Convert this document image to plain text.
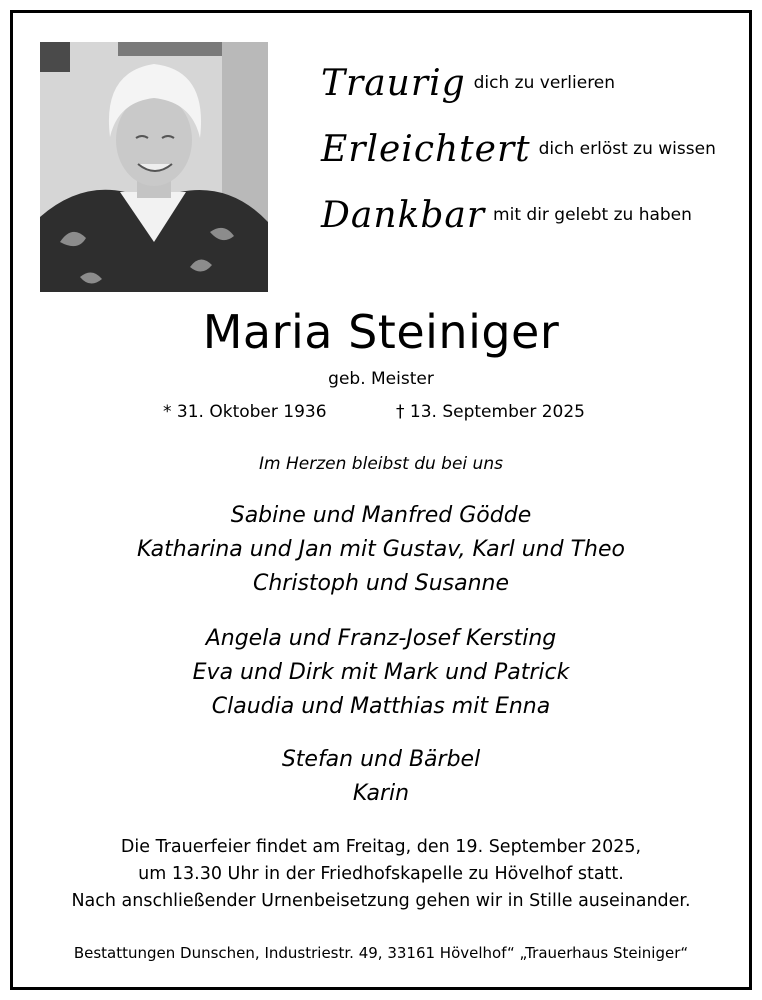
Traurig dich zu verlieren
Erleichtert dich erlöst zu wissen
Dankbar mit dir gelebt zu haben
Maria Steiniger
geb. Meister
* 31. Oktober 1936	† 13. September 2025
Im Herzen bleibst du bei uns
Sabine und Manfred Gödde
Katharina und Jan mit Gustav, Karl und Theo
Christoph und Susanne
Angela und Franz-Josef Kersting
Eva und Dirk mit Mark und Patrick
Claudia und Matthias mit Enna
Stefan und Bärbel
Karin
Die Trauerfeier findet am Freitag, den 19. September 2025,
um 13.30 Uhr in der Friedhofskapelle zu Hövelhof statt.
Nach anschließender Urnenbeisetzung gehen wir in Stille auseinander.
Bestattungen Dunschen, Industriestr. 49, 33161 Hövelhof“ „Trauerhaus Steiniger“
